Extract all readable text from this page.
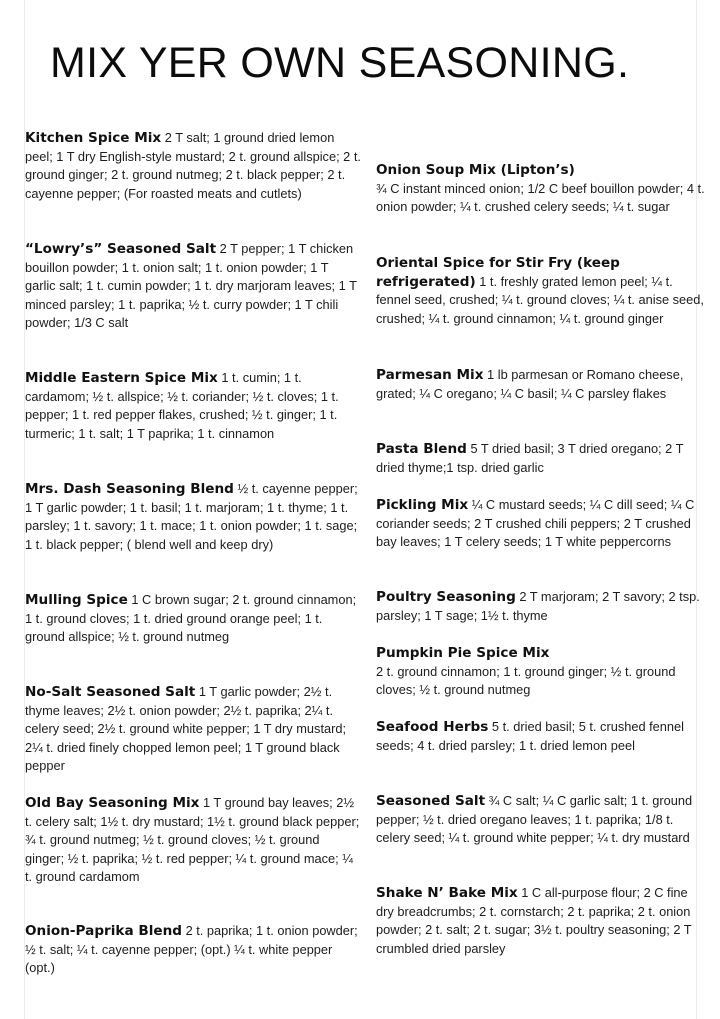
MIX YER OWN SEASONING.

Kitchen Spice Mix 2 T salt; 1 ground dried lemon peel; 1 T dry English-style mustard; 2 t. ground allspice; 2 t. ground ginger; 2 t. ground nutmeg; 2 t. black pepper; 2 t. cayenne pepper; (For roasted meats and cutlets)

“Lowry’s” Seasoned Salt 2 T pepper; 1 T chicken bouillon powder; 1 t. onion salt; 1 t. onion powder; 1 T garlic salt; 1 t. cumin powder; 1 t. dry marjoram leaves; 1 T minced parsley; 1 t. paprika; ½ t. curry powder; 1 T chili powder; 1/3 C salt

Middle Eastern Spice Mix 1 t. cumin; 1 t. cardamom; ½ t. allspice; ½ t. coriander; ½ t. cloves; 1 t. pepper; 1 t. red pepper flakes, crushed; ½ t. ginger; 1 t. turmeric; 1 t. salt; 1 T paprika; 1 t. cinnamon

Mrs. Dash Seasoning Blend ½ t. cayenne pepper; 1 T garlic powder; 1 t. basil; 1 t. marjoram; 1 t. thyme; 1 t. parsley; 1 t. savory; 1 t. mace; 1 t. onion powder; 1 t. sage; 1 t. black pepper; ( blend well and keep dry)

Mulling Spice 1 C brown sugar; 2 t. ground cinnamon; 1 t. ground cloves; 1 t. dried ground orange peel; 1 t. ground allspice; ½ t. ground nutmeg

No-Salt Seasoned Salt 1 T garlic powder; 2½ t. thyme leaves; 2½ t. onion powder; 2½ t. paprika; 2¼ t. celery seed; 2½ t. ground white pepper; 1 T dry mustard; 2¼ t. dried finely chopped lemon peel; 1 T ground black pepper

Old Bay Seasoning Mix 1 T ground bay leaves; 2½ t. celery salt; 1½ t. dry mustard; 1½ t. ground black pepper; ¾ t. ground nutmeg; ½ t. ground cloves; ½ t. ground ginger; ½ t. paprika; ½ t. red pepper; ¼ t. ground mace; ¼ t. ground cardamom

Onion-Paprika Blend 2 t. paprika; 1 t. onion powder; ½ t. salt; ¼ t. cayenne pepper; (opt.) ¼ t. white pepper (opt.)

Onion Soup Mix (Lipton’s)
¾ C instant minced onion; 1/2 C beef bouillon powder; 4 t. onion powder; ¼ t. crushed celery seeds; ¼ t. sugar

Oriental Spice for Stir Fry (keep refrigerated) 1 t. freshly grated lemon peel; ¼ t. fennel seed, crushed; ¼ t. ground cloves; ¼ t. anise seed, crushed; ¼ t. ground cinnamon; ¼ t. ground ginger

Parmesan Mix 1 lb parmesan or Romano cheese, grated; ¼ C oregano; ¼ C basil; ¼ C parsley flakes

Pasta Blend 5 T dried basil; 3 T dried oregano; 2 T dried thyme;1 tsp. dried garlic

Pickling Mix ¼ C mustard seeds; ¼ C dill seed; ¼ C coriander seeds; 2 T crushed chili peppers; 2 T crushed bay leaves; 1 T celery seeds; 1 T white peppercorns

Poultry Seasoning 2 T marjoram; 2 T savory; 2 tsp. parsley; 1 T sage; 1½ t. thyme

Pumpkin Pie Spice Mix
2 t. ground cinnamon; 1 t. ground ginger; ½ t. ground cloves; ½ t. ground nutmeg

Seafood Herbs 5 t. dried basil; 5 t. crushed fennel seeds; 4 t. dried parsley; 1 t. dried lemon peel

Seasoned Salt ¾ C salt; ¼ C garlic salt; 1 t. ground pepper; ½ t. dried oregano leaves; 1 t. paprika; 1/8 t. celery seed; ¼ t. ground white pepper; ¼ t. dry mustard

Shake N’ Bake Mix 1 C all-purpose flour; 2 C fine dry breadcrumbs; 2 t. cornstarch; 2 t. paprika; 2 t. onion powder; 2 t. salt; 2 t. sugar; 3½ t. poultry seasoning; 2 T crumbled dried parsley
